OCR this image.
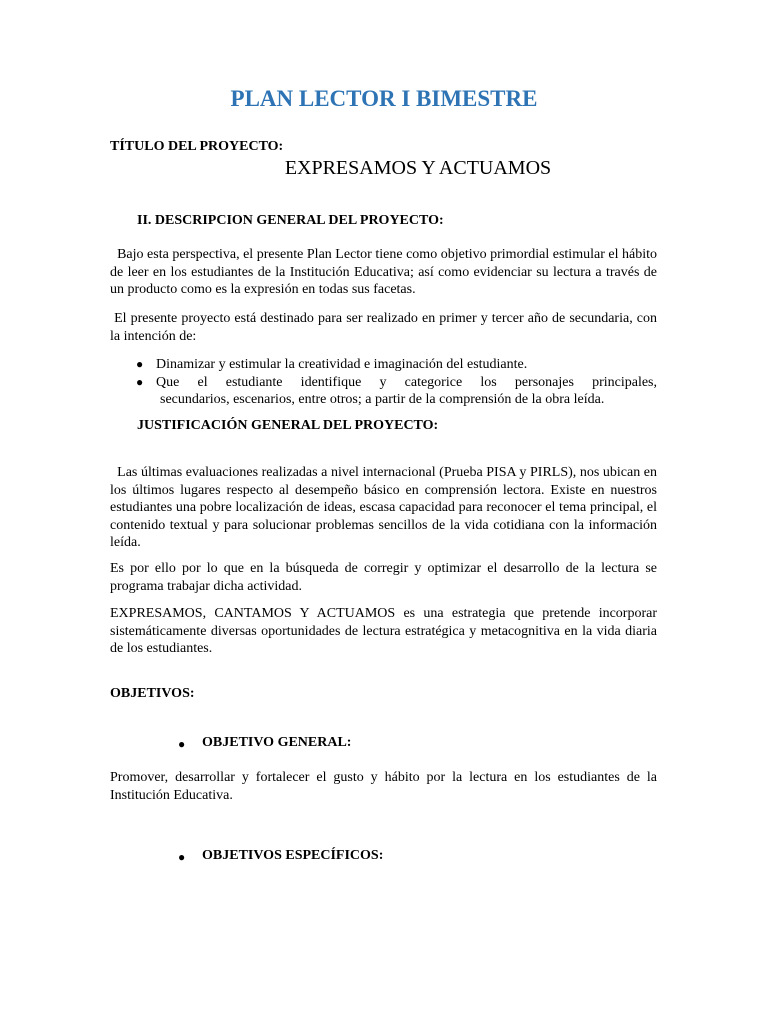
PLAN LECTOR I BIMESTRE
TÍTULO DEL PROYECTO:
EXPRESAMOS Y ACTUAMOS
II. DESCRIPCION GENERAL DEL PROYECTO:

Bajo esta perspectiva, el presente Plan Lector tiene como objetivo primordial estimular el hábito de leer en los estudiantes de la Institución Educativa; así como evidenciar su lectura a través de un producto como es la expresión en todas sus facetas.

El presente proyecto está destinado para ser realizado en primer y tercer año de secundaria, con la intención de:

● Dinamizar y estimular la creatividad e imaginación del estudiante.
● Que el estudiante identifique y categorice los personajes principales,
secundarios, escenarios, entre otros; a partir de la comprensión de la obra leída.
JUSTIFICACIÓN GENERAL DEL PROYECTO:

Las últimas evaluaciones realizadas a nivel internacional (Prueba PISA y PIRLS), nos ubican en los últimos lugares respecto al desempeño básico en comprensión lectora. Existe en nuestros estudiantes una pobre localización de ideas, escasa capacidad para reconocer el tema principal, el contenido textual y para solucionar problemas sencillos de la vida cotidiana con la información leída.

Es por ello por lo que en la búsqueda de corregir y optimizar el desarrollo de la lectura se programa trabajar dicha actividad.

EXPRESAMOS, CANTAMOS Y ACTUAMOS es una estrategia que pretende incorporar sistemáticamente diversas oportunidades de lectura estratégica y metacognitiva en la vida diaria de los estudiantes.

OBJETIVOS:
● OBJETIVO GENERAL:

Promover, desarrollar y fortalecer el gusto y hábito por la lectura en los estudiantes de la Institución Educativa.

● OBJETIVOS ESPECÍFICOS:
